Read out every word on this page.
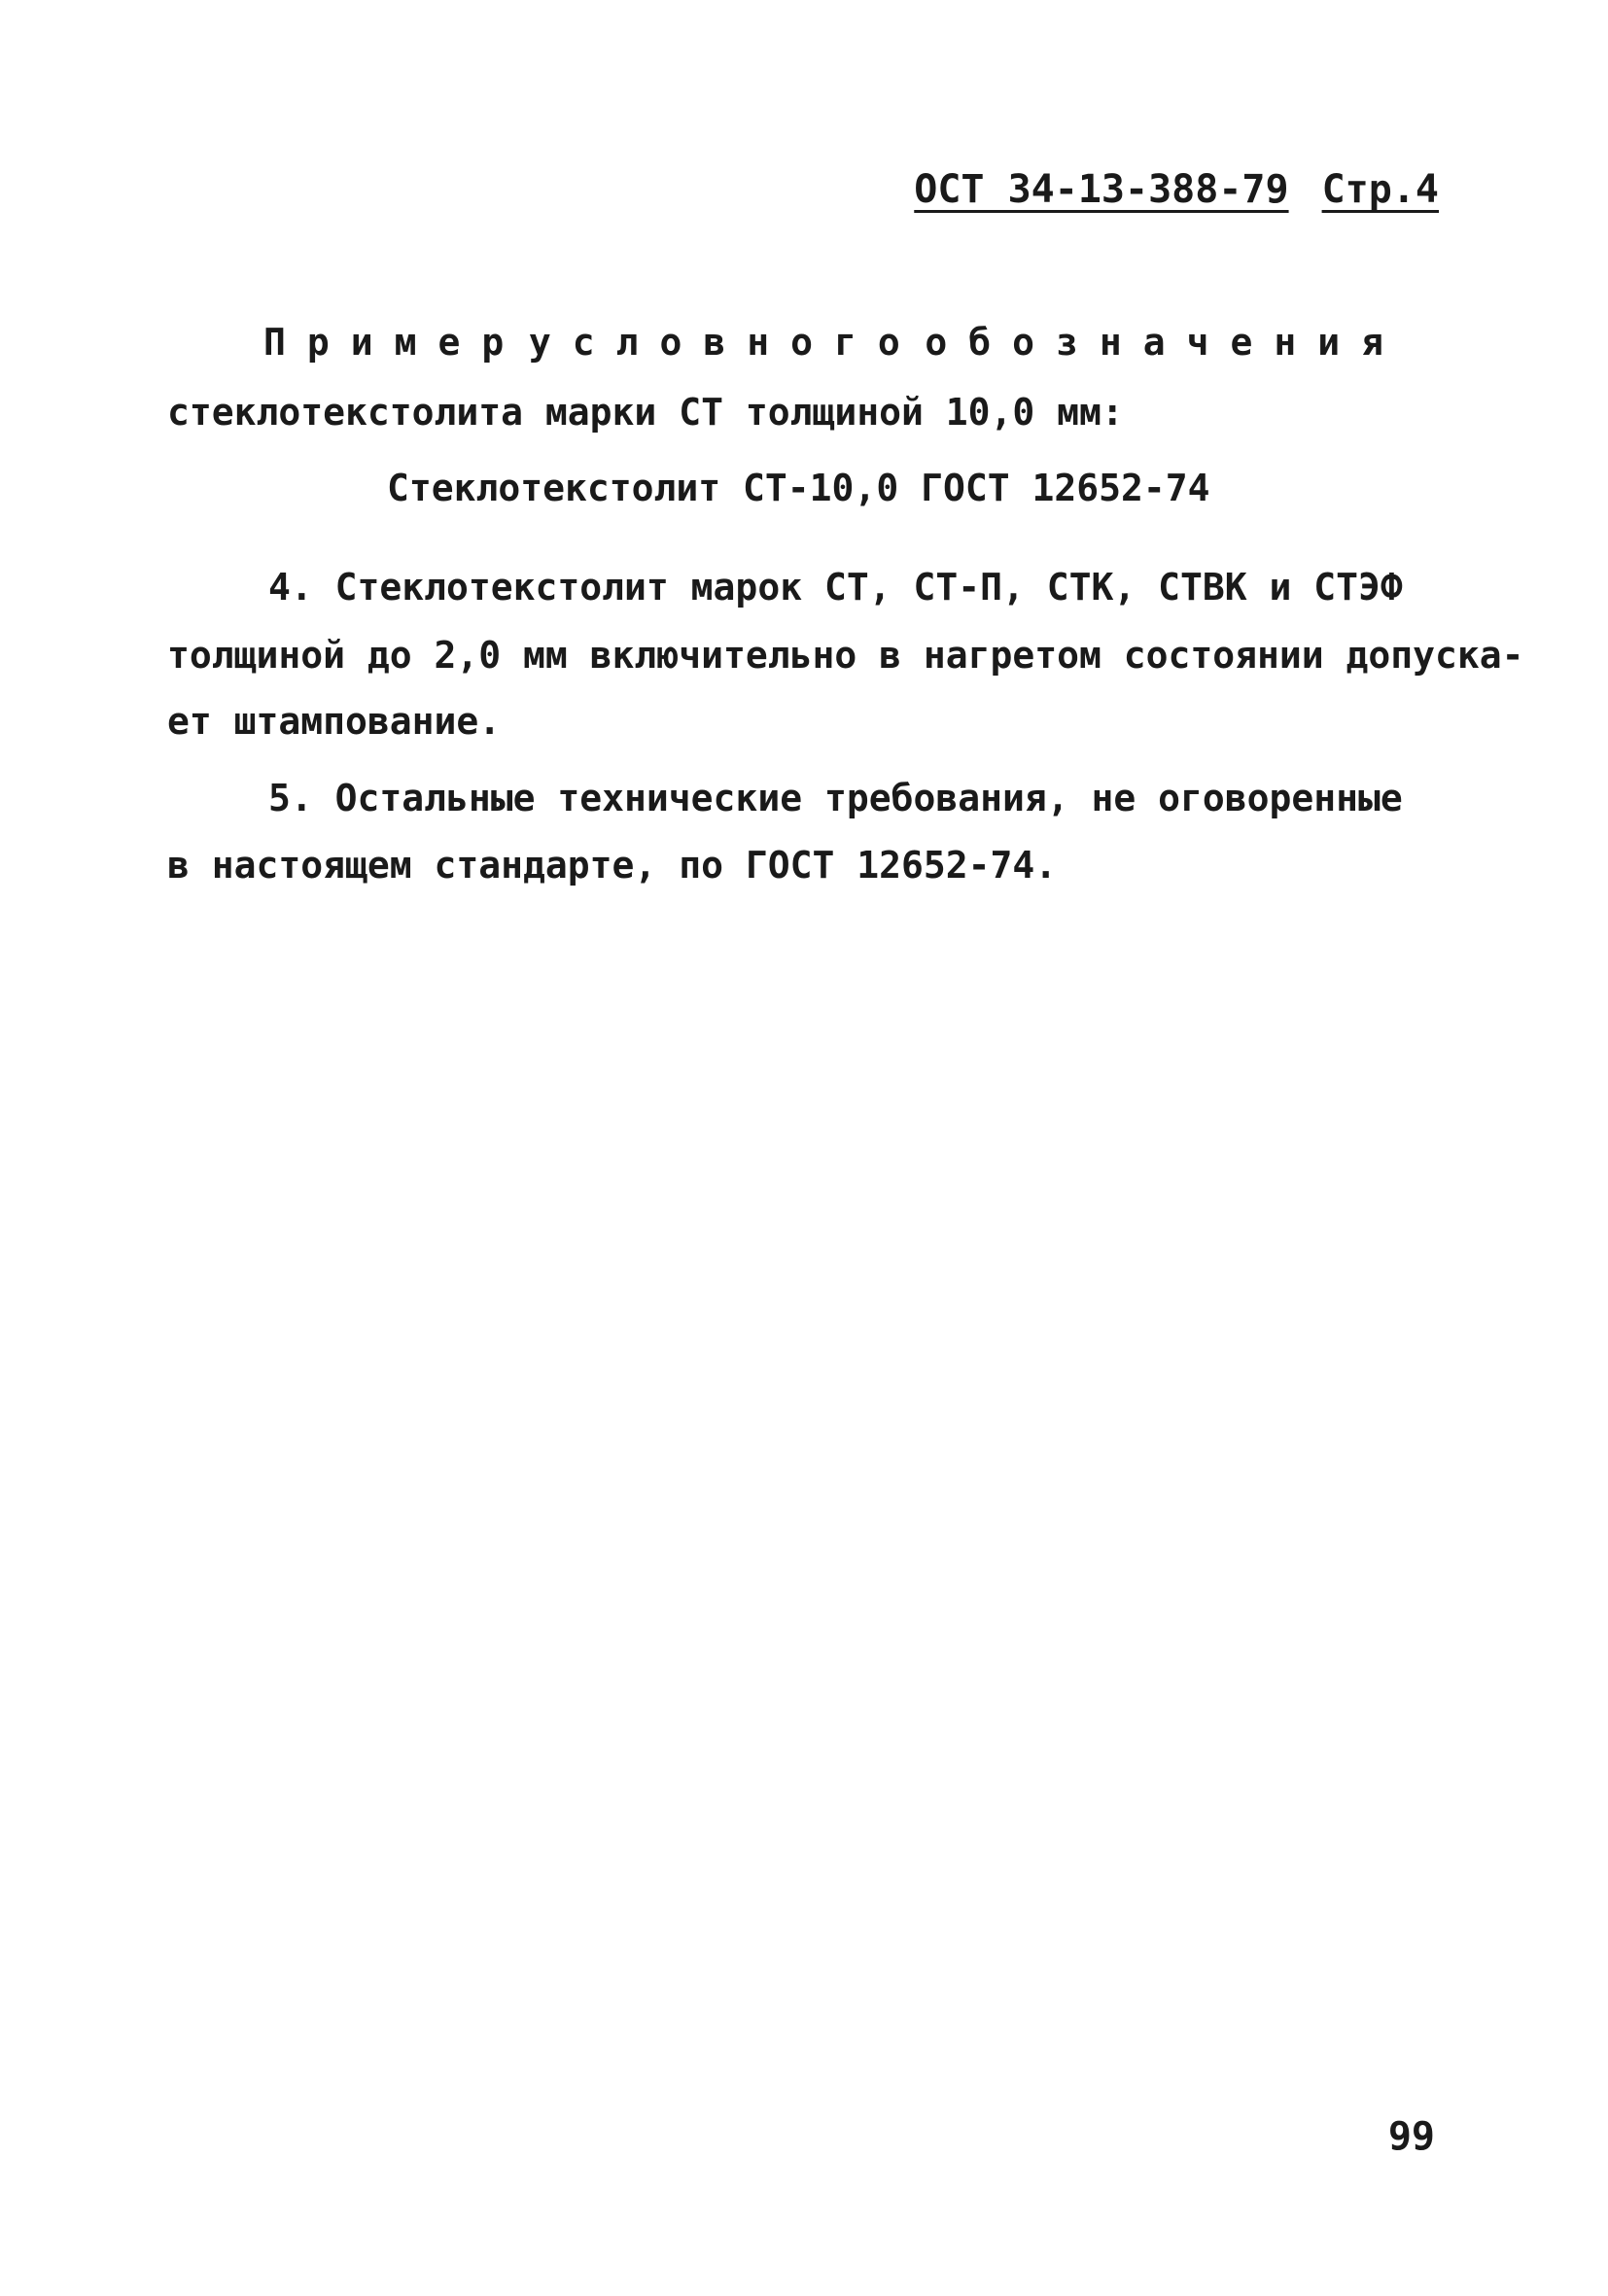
ОСТ 34-13-388-79 Стр.4
Пример условного обозначения
стеклотекстолита марки СТ толщиной 10,0 мм:
Стеклотекстолит СТ-10,0 ГОСТ 12652-74
4. Стеклотекстолит марок СТ, СТ-П, СТК, СТВК и СТЭФ
толщиной до 2,0 мм включительно в нагретом состоянии допуска-
ет штампование.
5. Остальные технические требования, не оговоренные
в настоящем стандарте, по ГОСТ 12652-74.
99
